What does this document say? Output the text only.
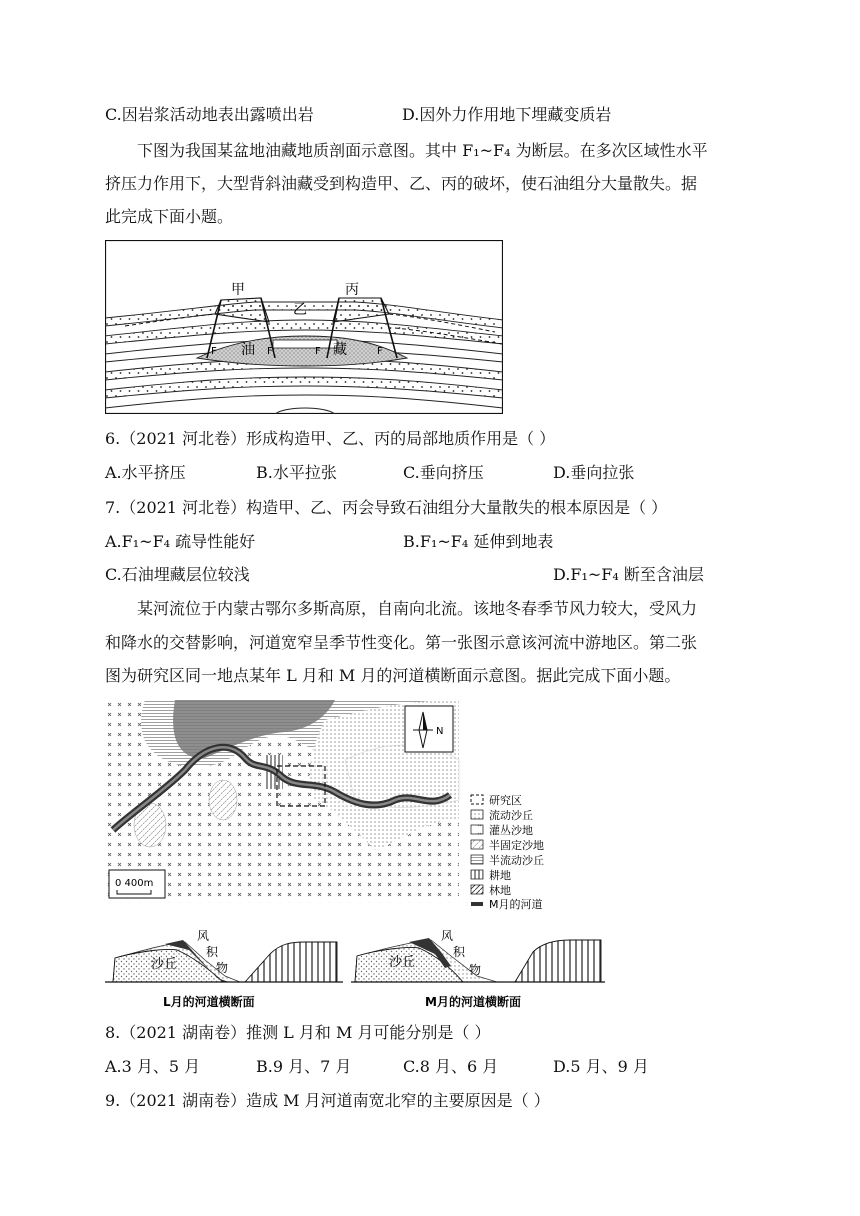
C.因岩浆活动地表出露喷出岩	D.因外力作用地下埋藏变质岩
下图为我国某盆地油藏地质剖面示意图。其中 F₁~F₄ 为断层。在多次区域性水平
挤压力作用下，大型背斜油藏受到构造甲、乙、丙的破坏，使石油组分大量散失。据
此完成下面小题。
甲
乙
丙
油	藏
F	F	F	F
6.（2021 河北卷）形成构造甲、乙、丙的局部地质作用是（ ）
A.水平挤压	B.水平拉张	C.垂向挤压	D.垂向拉张
7.（2021 河北卷）构造甲、乙、丙会导致石油组分大量散失的根本原因是（ ）
A.F₁~F₄ 疏导性能好	B.F₁~F₄ 延伸到地表
C.石油埋藏层位较浅	D.F₁~F₄ 断至含油层
某河流位于内蒙古鄂尔多斯高原，自南向北流。该地冬春季节风力较大，受风力
和降水的交替影响，河道宽窄呈季节性变化。第一张图示意该河流中游地区。第二张
图为研究区同一地点某年 L 月和 M 月的河道横断面示意图。据此完成下面小题。
N
0 400m
研究区
流动沙丘
灌丛沙地
半固定沙地
半流动沙丘
耕地
林地
M月的河道
沙丘
风
积
物
L月的河道横断面
沙丘
风
积
物
M月的河道横断面
8.（2021 湖南卷）推测 L 月和 M 月可能分别是（ ）
A.3 月、5 月	B.9 月、7 月	C.8 月、6 月	D.5 月、9 月
9.（2021 湖南卷）造成 M 月河道南宽北窄的主要原因是（ ）
